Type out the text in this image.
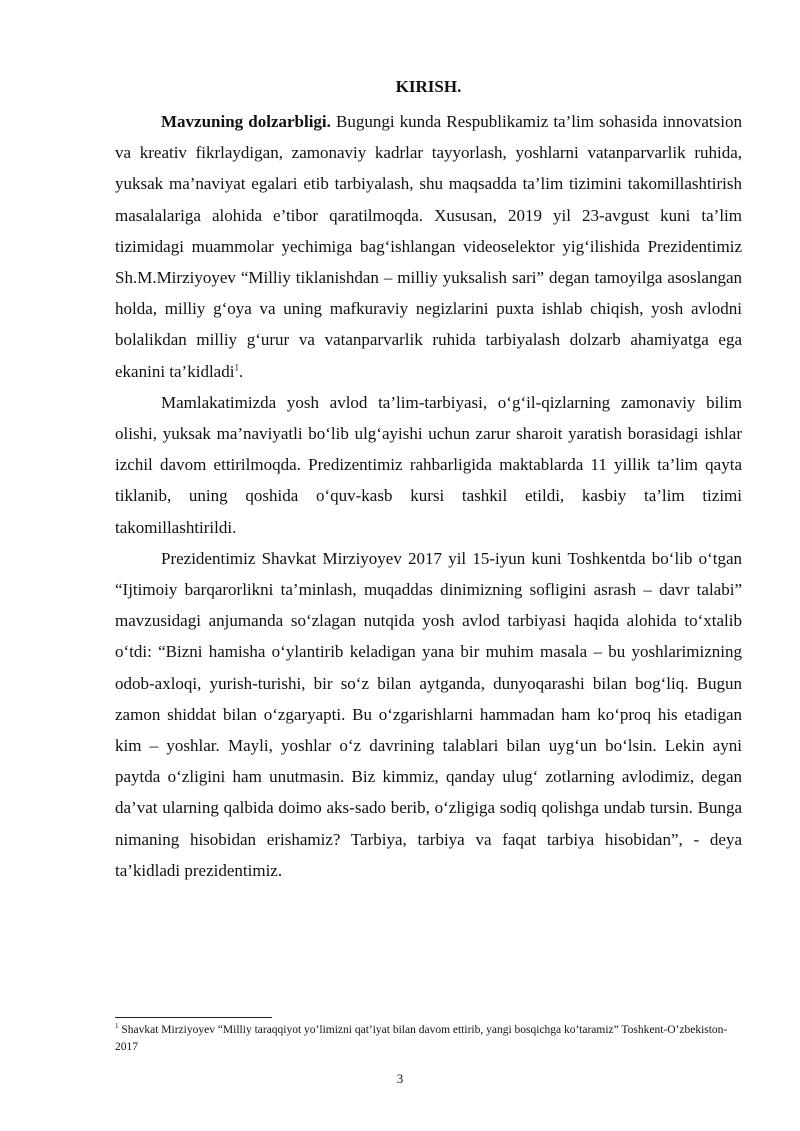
KIRISH.

Mavzuning dolzarbligi. Bugungi kunda Respublikamiz ta’lim sohasida innovatsion va kreativ fikrlaydigan, zamonaviy kadrlar tayyorlash, yoshlarni vatanparvarlik ruhida, yuksak ma’naviyat egalari etib tarbiyalash, shu maqsadda ta’lim tizimini takomillashtirish masalalariga alohida e’tibor qaratilmoqda. Xususan, 2019 yil 23-avgust kuni ta’lim tizimidagi muammolar yechimiga bag‘ishlangan videoselektor yig‘ilishida Prezidentimiz Sh.M.Mirziyoyev “Milliy tiklanishdan – milliy yuksalish sari” degan tamoyilga asoslangan holda, milliy g‘oya va uning mafkuraviy negizlarini puxta ishlab chiqish, yosh avlodni bolalikdan milliy g‘urur va vatanparvarlik ruhida tarbiyalash dolzarb ahamiyatga ega ekanini ta’kidladi$^1$.

Mamlakatimizda yosh avlod ta’lim-tarbiyasi, o‘g‘il-qizlarning zamonaviy bilim olishi, yuksak ma’naviyatli bo‘lib ulg‘ayishi uchun zarur sharoit yaratish borasidagi ishlar izchil davom ettirilmoqda. Predizentimiz rahbarligida maktablarda 11 yillik ta’lim qayta tiklanib, uning qoshida o‘quv-kasb kursi tashkil etildi, kasbiy ta’lim tizimi takomillashtirildi.

Prezidentimiz Shavkat Mirziyoyev 2017 yil 15-iyun kuni Toshkentda bo‘lib o‘tgan “Ijtimoiy barqarorlikni ta’minlash, muqaddas dinimizning sofligini asrash – davr talabi” mavzusidagi anjumanda so‘zlagan nutqida yosh avlod tarbiyasi haqida alohida to‘xtalib o‘tdi: “Bizni hamisha o‘ylantirib keladigan yana bir muhim masala – bu yoshlarimizning odob-axloqi, yurish-turishi, bir so‘z bilan aytganda, dunyoqarashi bilan bog‘liq. Bugun zamon shiddat bilan o‘zgaryapti. Bu o‘zgarishlarni hammadan ham ko‘proq his etadigan kim – yoshlar. Mayli, yoshlar o‘z davrining talablari bilan uyg‘un bo‘lsin. Lekin ayni paytda o‘zligini ham unutmasin. Biz kimmiz, qanday ulug‘ zotlarning avlodimiz, degan da’vat ularning qalbida doimo aks-sado berib, o‘zligiga sodiq qolishga undab tursin. Bunga nimaning hisobidan erishamiz? Tarbiya, tarbiya va faqat tarbiya hisobidan”, - deya ta’kidladi prezidentimiz.

$^1$ Shavkat Mirziyoyev “Milliy taraqqiyot yo’limizni qat’iyat bilan davom ettirib, yangi bosqichga ko’taramiz” Toshkent-O’zbekiston-2017
3
